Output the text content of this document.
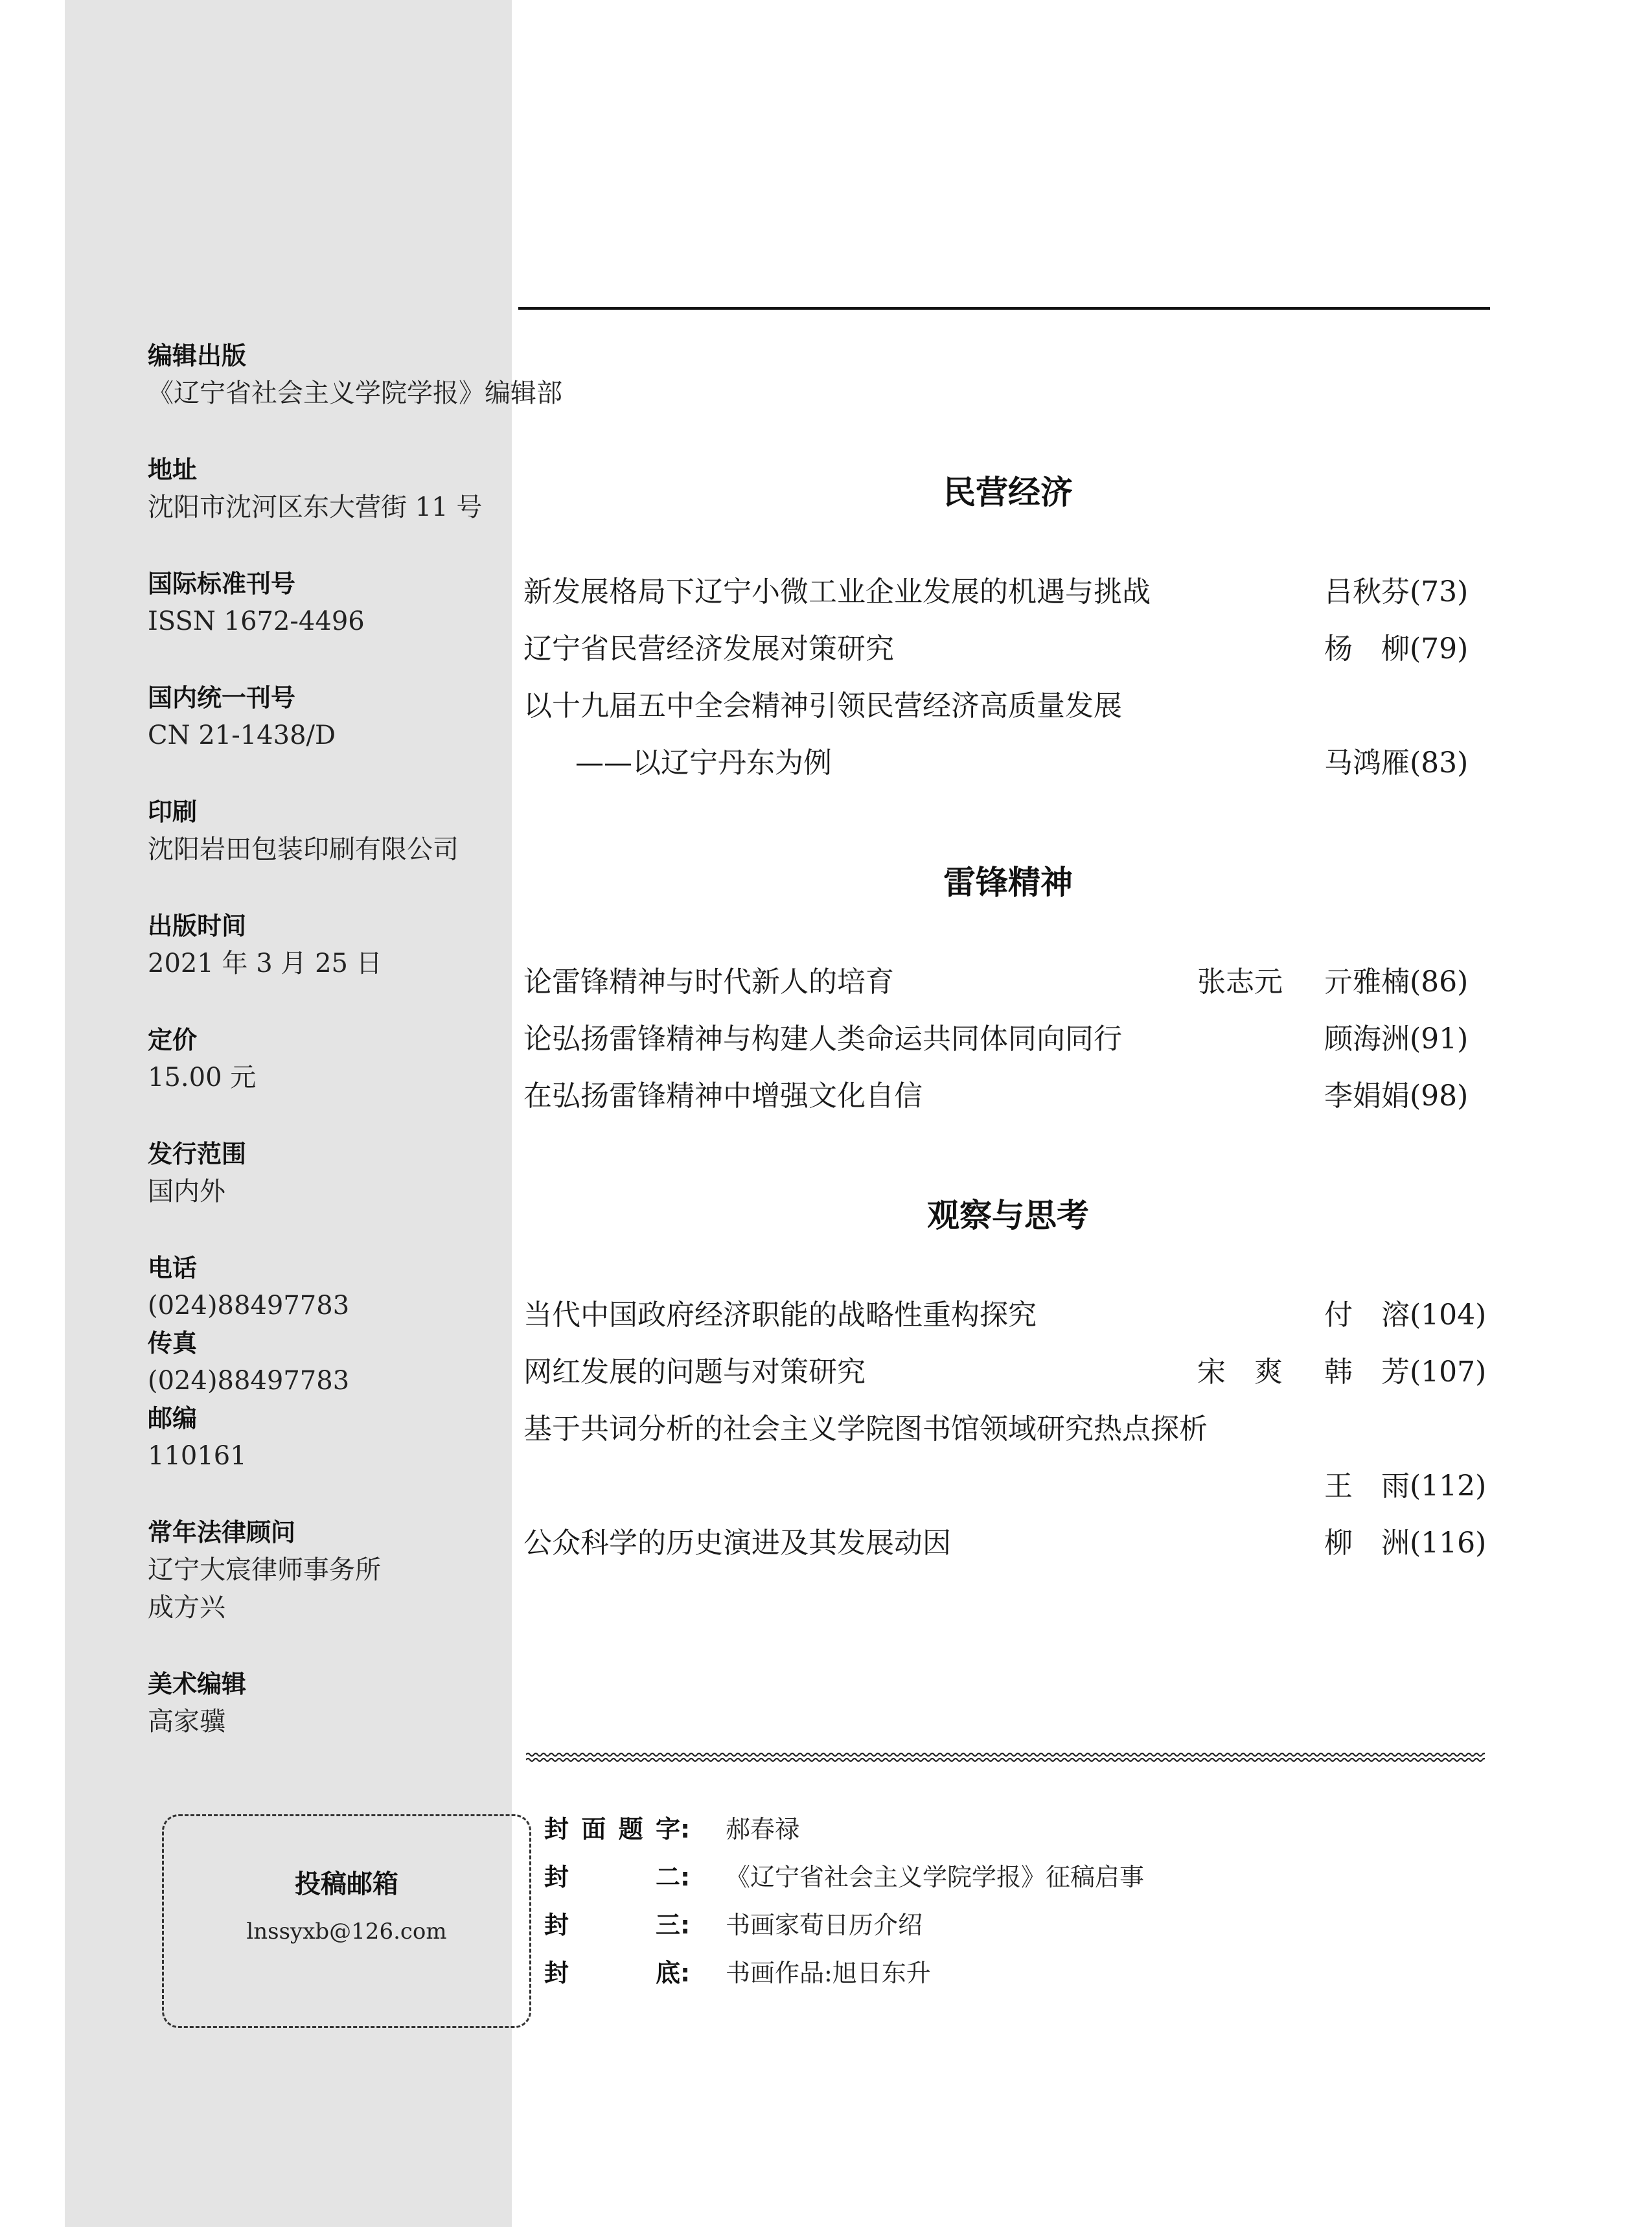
编辑出版
《辽宁省社会主义学院学报》编辑部
地址
沈阳市沈河区东大营街 11 号
国际标准刊号
ISSN 1672-4496
国内统一刊号
CN 21-1438/D
印刷
沈阳岩田包装印刷有限公司
出版时间
2021 年 3 月 25 日
定价
15.00 元
发行范围
国内外
电话
(024)88497783
传真
(024)88497783
邮编
110161
常年法律顾问
辽宁大宸律师事务所
成方兴
美术编辑
高家骥
投稿邮箱
lnssyxb@126.com
民营经济
新发展格局下辽宁小微工业企业发展的机遇与挑战	吕秋芬(73)
辽宁省民营经济发展对策研究	杨　柳(79)
以十九届五中全会精神引领民营经济高质量发展
——以辽宁丹东为例	马鸿雁(83)
雷锋精神
论雷锋精神与时代新人的培育	张志元 亓雅楠(86)
论弘扬雷锋精神与构建人类命运共同体同向同行	顾海洲(91)
在弘扬雷锋精神中增强文化自信	李娟娟(98)
观察与思考
当代中国政府经济职能的战略性重构探究	付　溶(104)
网红发展的问题与对策研究	宋　爽 韩　芳(107)
基于共词分析的社会主义学院图书馆领域研究热点探析
王　雨(112)
公众科学的历史演进及其发展动因	柳　洲(116)
封面题字 : 郝春禄
封二 : 《辽宁省社会主义学院学报》征稿启事
封三 : 书画家荀日历介绍
封底 : 书画作品:旭日东升
